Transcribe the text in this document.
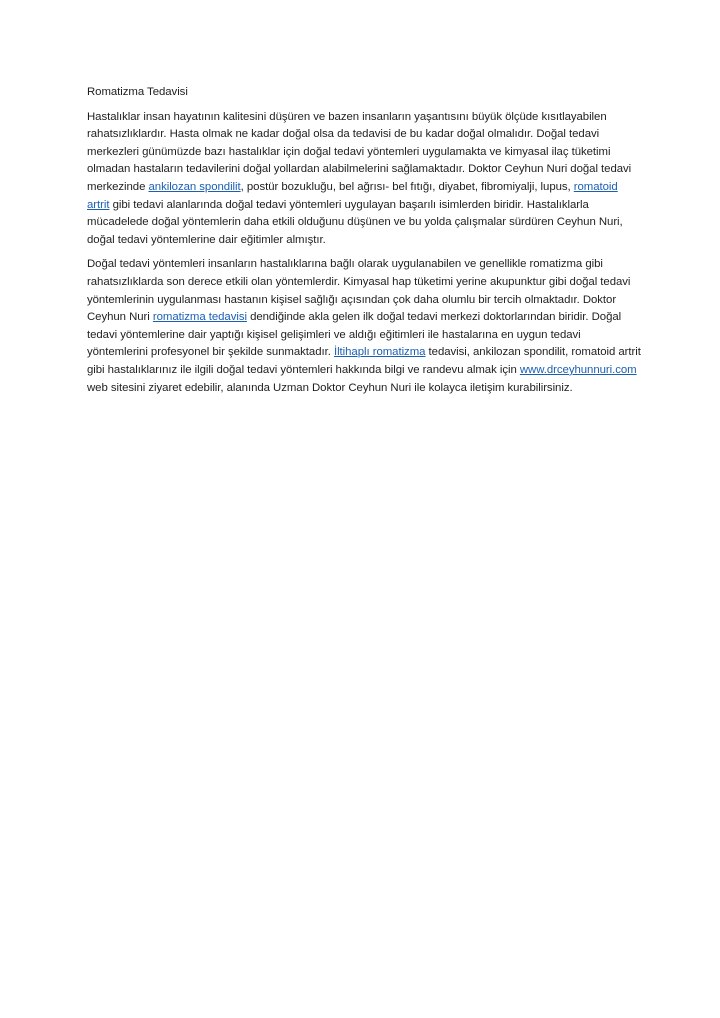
Romatizma Tedavisi

Hastalıklar insan hayatının kalitesini düşüren ve bazen insanların yaşantısını büyük ölçüde kısıtlayabilen rahatsızlıklardır. Hasta olmak ne kadar doğal olsa da tedavisi de bu kadar doğal olmalıdır. Doğal tedavi merkezleri günümüzde bazı hastalıklar için doğal tedavi yöntemleri uygulamakta ve kimyasal ilaç tüketimi olmadan hastaların tedavilerini doğal yollardan alabilmelerini sağlamaktadır. Doktor Ceyhun Nuri doğal tedavi merkezinde ankilozan spondilit, postür bozukluğu, bel ağrısı- bel fıtığı, diyabet, fibromiyalji, lupus, romatoid artrit gibi tedavi alanlarında doğal tedavi yöntemleri uygulayan başarılı isimlerden biridir. Hastalıklarla mücadelede doğal yöntemlerin daha etkili olduğunu düşünen ve bu yolda çalışmalar sürdüren Ceyhun Nuri, doğal tedavi yöntemlerine dair eğitimler almıştır.

Doğal tedavi yöntemleri insanların hastalıklarına bağlı olarak uygulanabilen ve genellikle romatizma gibi rahatsızlıklarda son derece etkili olan yöntemlerdir. Kimyasal hap tüketimi yerine akupunktur gibi doğal tedavi yöntemlerinin uygulanması hastanın kişisel sağlığı açısından çok daha olumlu bir tercih olmaktadır. Doktor Ceyhun Nuri romatizma tedavisi dendiğinde akla gelen ilk doğal tedavi merkezi doktorlarından biridir. Doğal tedavi yöntemlerine dair yaptığı kişisel gelişimleri ve aldığı eğitimleri ile hastalarına en uygun tedavi yöntemlerini profesyonel bir şekilde sunmaktadır. İltihaplı romatizma tedavisi, ankilozan spondilit, romatoid artrit gibi hastalıklarınız ile ilgili doğal tedavi yöntemleri hakkında bilgi ve randevu almak için www.drceyhunnuri.com web sitesini ziyaret edebilir, alanında Uzman Doktor Ceyhun Nuri ile kolayca iletişim kurabilirsiniz.
